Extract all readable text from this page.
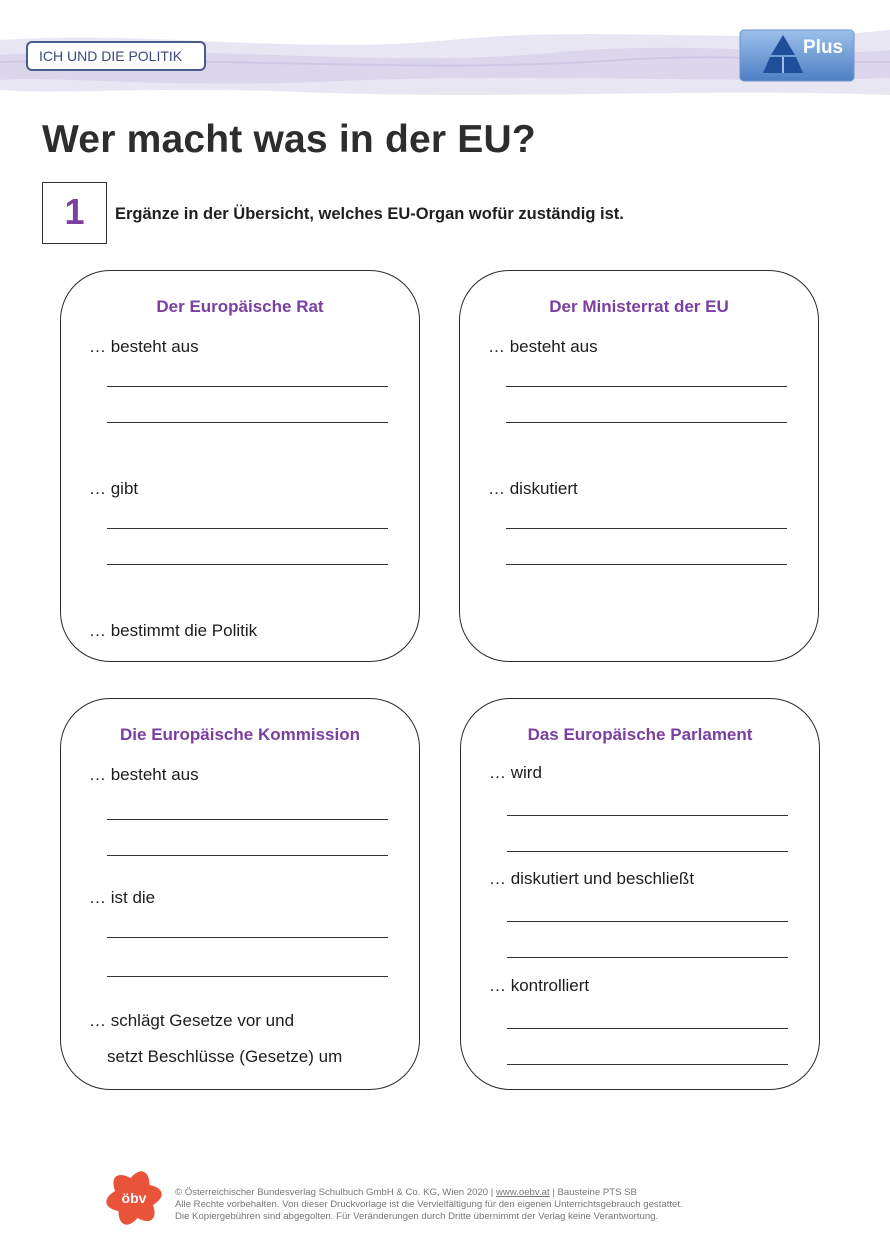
ICH UND DIE POLITIK	Plus
Wer macht was in der EU?
1	Ergänze in der Übersicht, welches EU-Organ wofür zuständig ist.
Der Europäische Rat
… besteht aus
… gibt
… bestimmt die Politik
Der Ministerrat der EU
… besteht aus
… diskutiert
Die Europäische Kommission
… besteht aus
… ist die
… schlägt Gesetze vor und
setzt Beschlüsse (Gesetze) um
Das Europäische Parlament
… wird
… diskutiert und beschließt
… kontrolliert
öbv	© Österreichischer Bundesverlag Schulbuch GmbH & Co. KG, Wien 2020 | www.oebv.at | Bausteine PTS SB
Alle Rechte vorbehalten. Von dieser Druckvorlage ist die Vervielfältigung für den eigenen Unterrichtsgebrauch gestattet.
Die Kopiergebühren sind abgegolten. Für Veränderungen durch Dritte übernimmt der Verlag keine Verantwortung.
